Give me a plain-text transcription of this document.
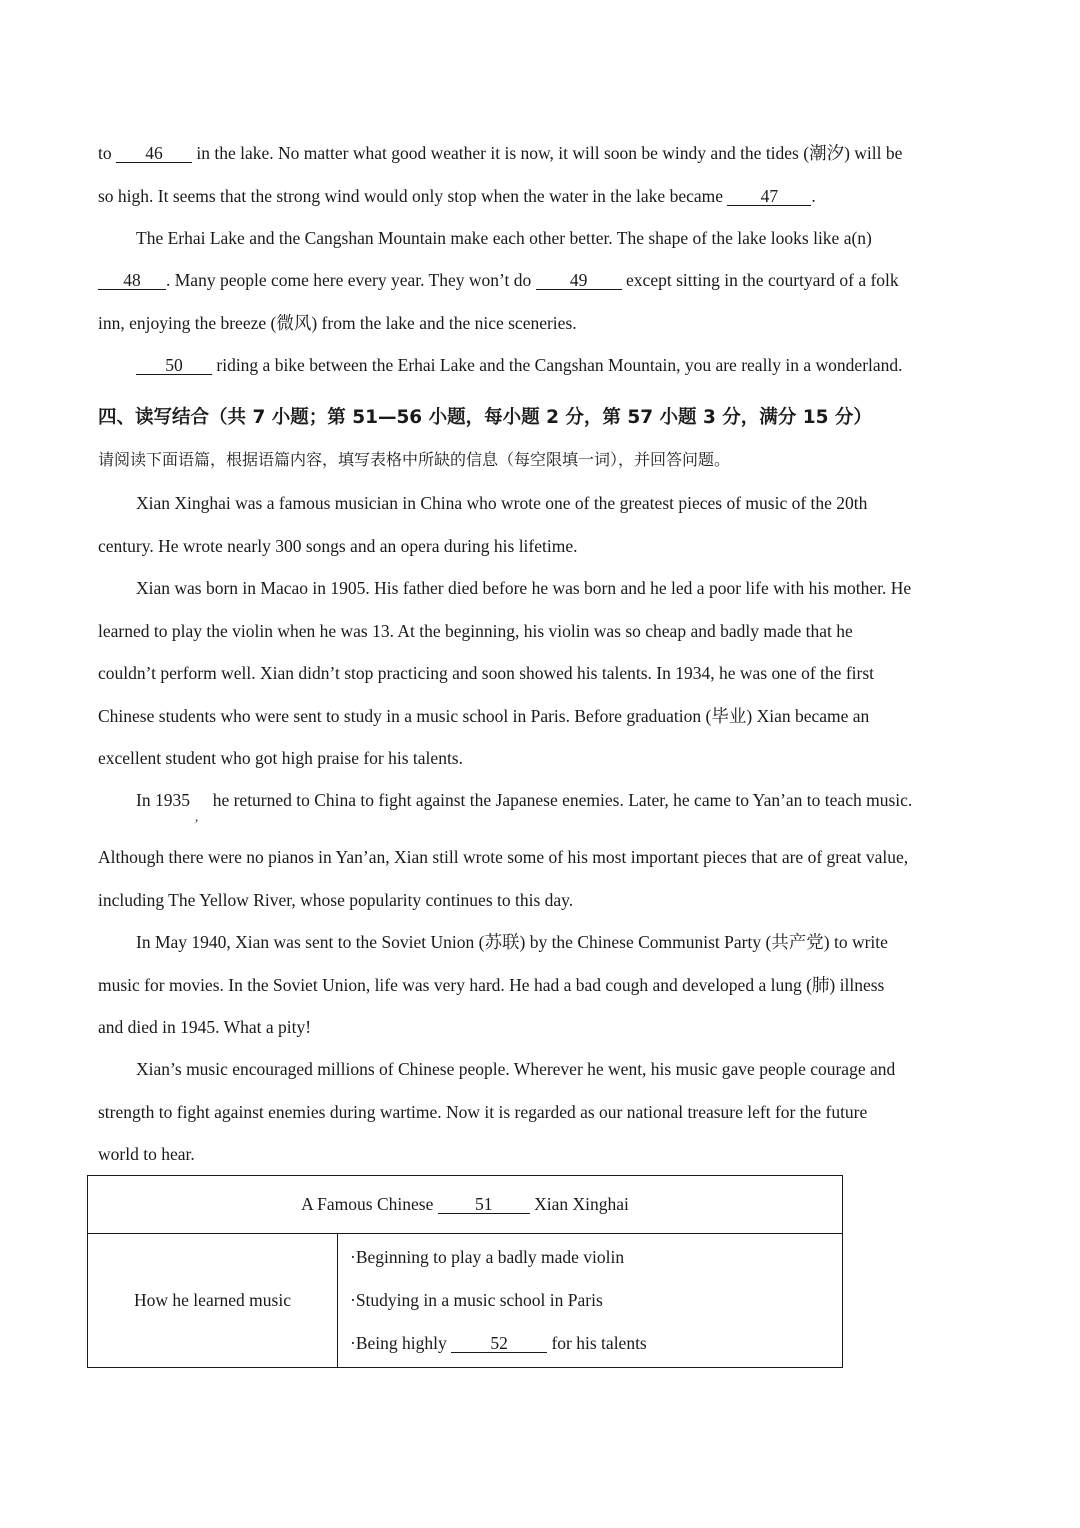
to 46 in the lake. No matter what good weather it is now, it will soon be windy and the tides (潮汐) will be
so high. It seems that the strong wind would only stop when the water in the lake became 47 .
The Erhai Lake and the Cangshan Mountain make each other better. The shape of the lake looks like a(n)
48 . Many people come here every year. They won’t do 49 except sitting in the courtyard of a folk
inn, enjoying the breeze (微风) from the lake and the nice sceneries.
50 riding a bike between the Erhai Lake and the Cangshan Mountain, you are really in a wonderland.
四、读写结合（共 7 小题；第 51—56 小题，每小题 2 分，第 57 小题 3 分，满分 15 分）
请阅读下面语篇，根据语篇内容，填写表格中所缺的信息（每空限填一词），并回答问题。
Xian Xinghai was a famous musician in China who wrote one of the greatest pieces of music of the 20th
century. He wrote nearly 300 songs and an opera during his lifetime.
Xian was born in Macao in 1905. His father died before he was born and he led a poor life with his mother. He
learned to play the violin when he was 13. At the beginning, his violin was so cheap and badly made that he
couldn’t perform well. Xian didn’t stop practicing and soon showed his talents. In 1934, he was one of the first
Chinese students who were sent to study in a music school in Paris. Before graduation (毕业) Xian became an
excellent student who got high praise for his talents.
In 1935 he returned to China to fight against the Japanese enemies. Later, he came to Yan’an to teach music.
,
Although there were no pianos in Yan’an, Xian still wrote some of his most important pieces that are of great value,
including The Yellow River, whose popularity continues to this day.
In May 1940, Xian was sent to the Soviet Union (苏联) by the Chinese Communist Party (共产党) to write
music for movies. In the Soviet Union, life was very hard. He had a bad cough and developed a lung (肺) illness
and died in 1945. What a pity!
Xian’s music encouraged millions of Chinese people. Wherever he went, his music gave people courage and
strength to fight against enemies during wartime. Now it is regarded as our national treasure left for the future
world to hear.
A Famous Chinese 51 Xian Xinghai
How he learned music	
·Beginning to play a badly made violin
·Studying in a music school in Paris
·Being highly 52 for his talents
